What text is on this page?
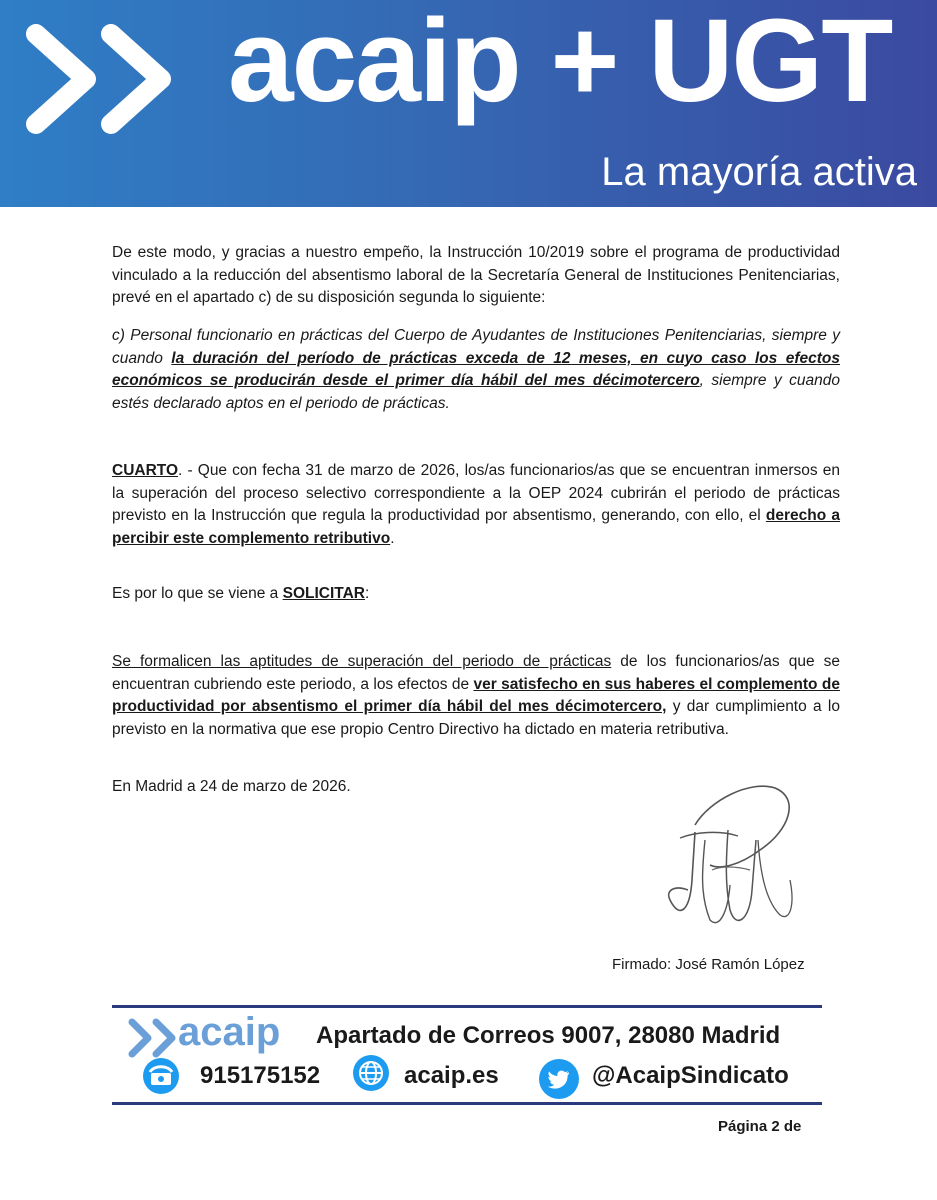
acaip + UGT
La mayoría activa

De este modo, y gracias a nuestro empeño, la Instrucción 10/2019 sobre el programa de productividad vinculado a la reducción del absentismo laboral de la Secretaría General de Instituciones Penitenciarias, prevé en el apartado c) de su disposición segunda lo siguiente:

c) Personal funcionario en prácticas del Cuerpo de Ayudantes de Instituciones Penitenciarias, siempre y cuando la duración del período de prácticas exceda de 12 meses, en cuyo caso los efectos económicos se producirán desde el primer día hábil del mes décimotercero, siempre y cuando estés declarado aptos en el periodo de prácticas.

CUARTO. - Que con fecha 31 de marzo de 2026, los/as funcionarios/as que se encuentran inmersos en la superación del proceso selectivo correspondiente a la OEP 2024 cubrirán el periodo de prácticas previsto en la Instrucción que regula la productividad por absentismo, generando, con ello, el derecho a percibir este complemento retributivo.

Es por lo que se viene a SOLICITAR:

Se formalicen las aptitudes de superación del periodo de prácticas de los funcionarios/as que se encuentran cubriendo este periodo, a los efectos de ver satisfecho en sus haberes el complemento de productividad por absentismo el primer día hábil del mes décimotercero, y dar cumplimiento a lo previsto en la normativa que ese propio Centro Directivo ha dictado en materia retributiva.

En Madrid a 24 de marzo de 2026.

Firmado: José Ramón López
acaip Apartado de Correos 9007, 28080 Madrid
915175152	acaip.es	@AcaipSindicato
Página 2 de
